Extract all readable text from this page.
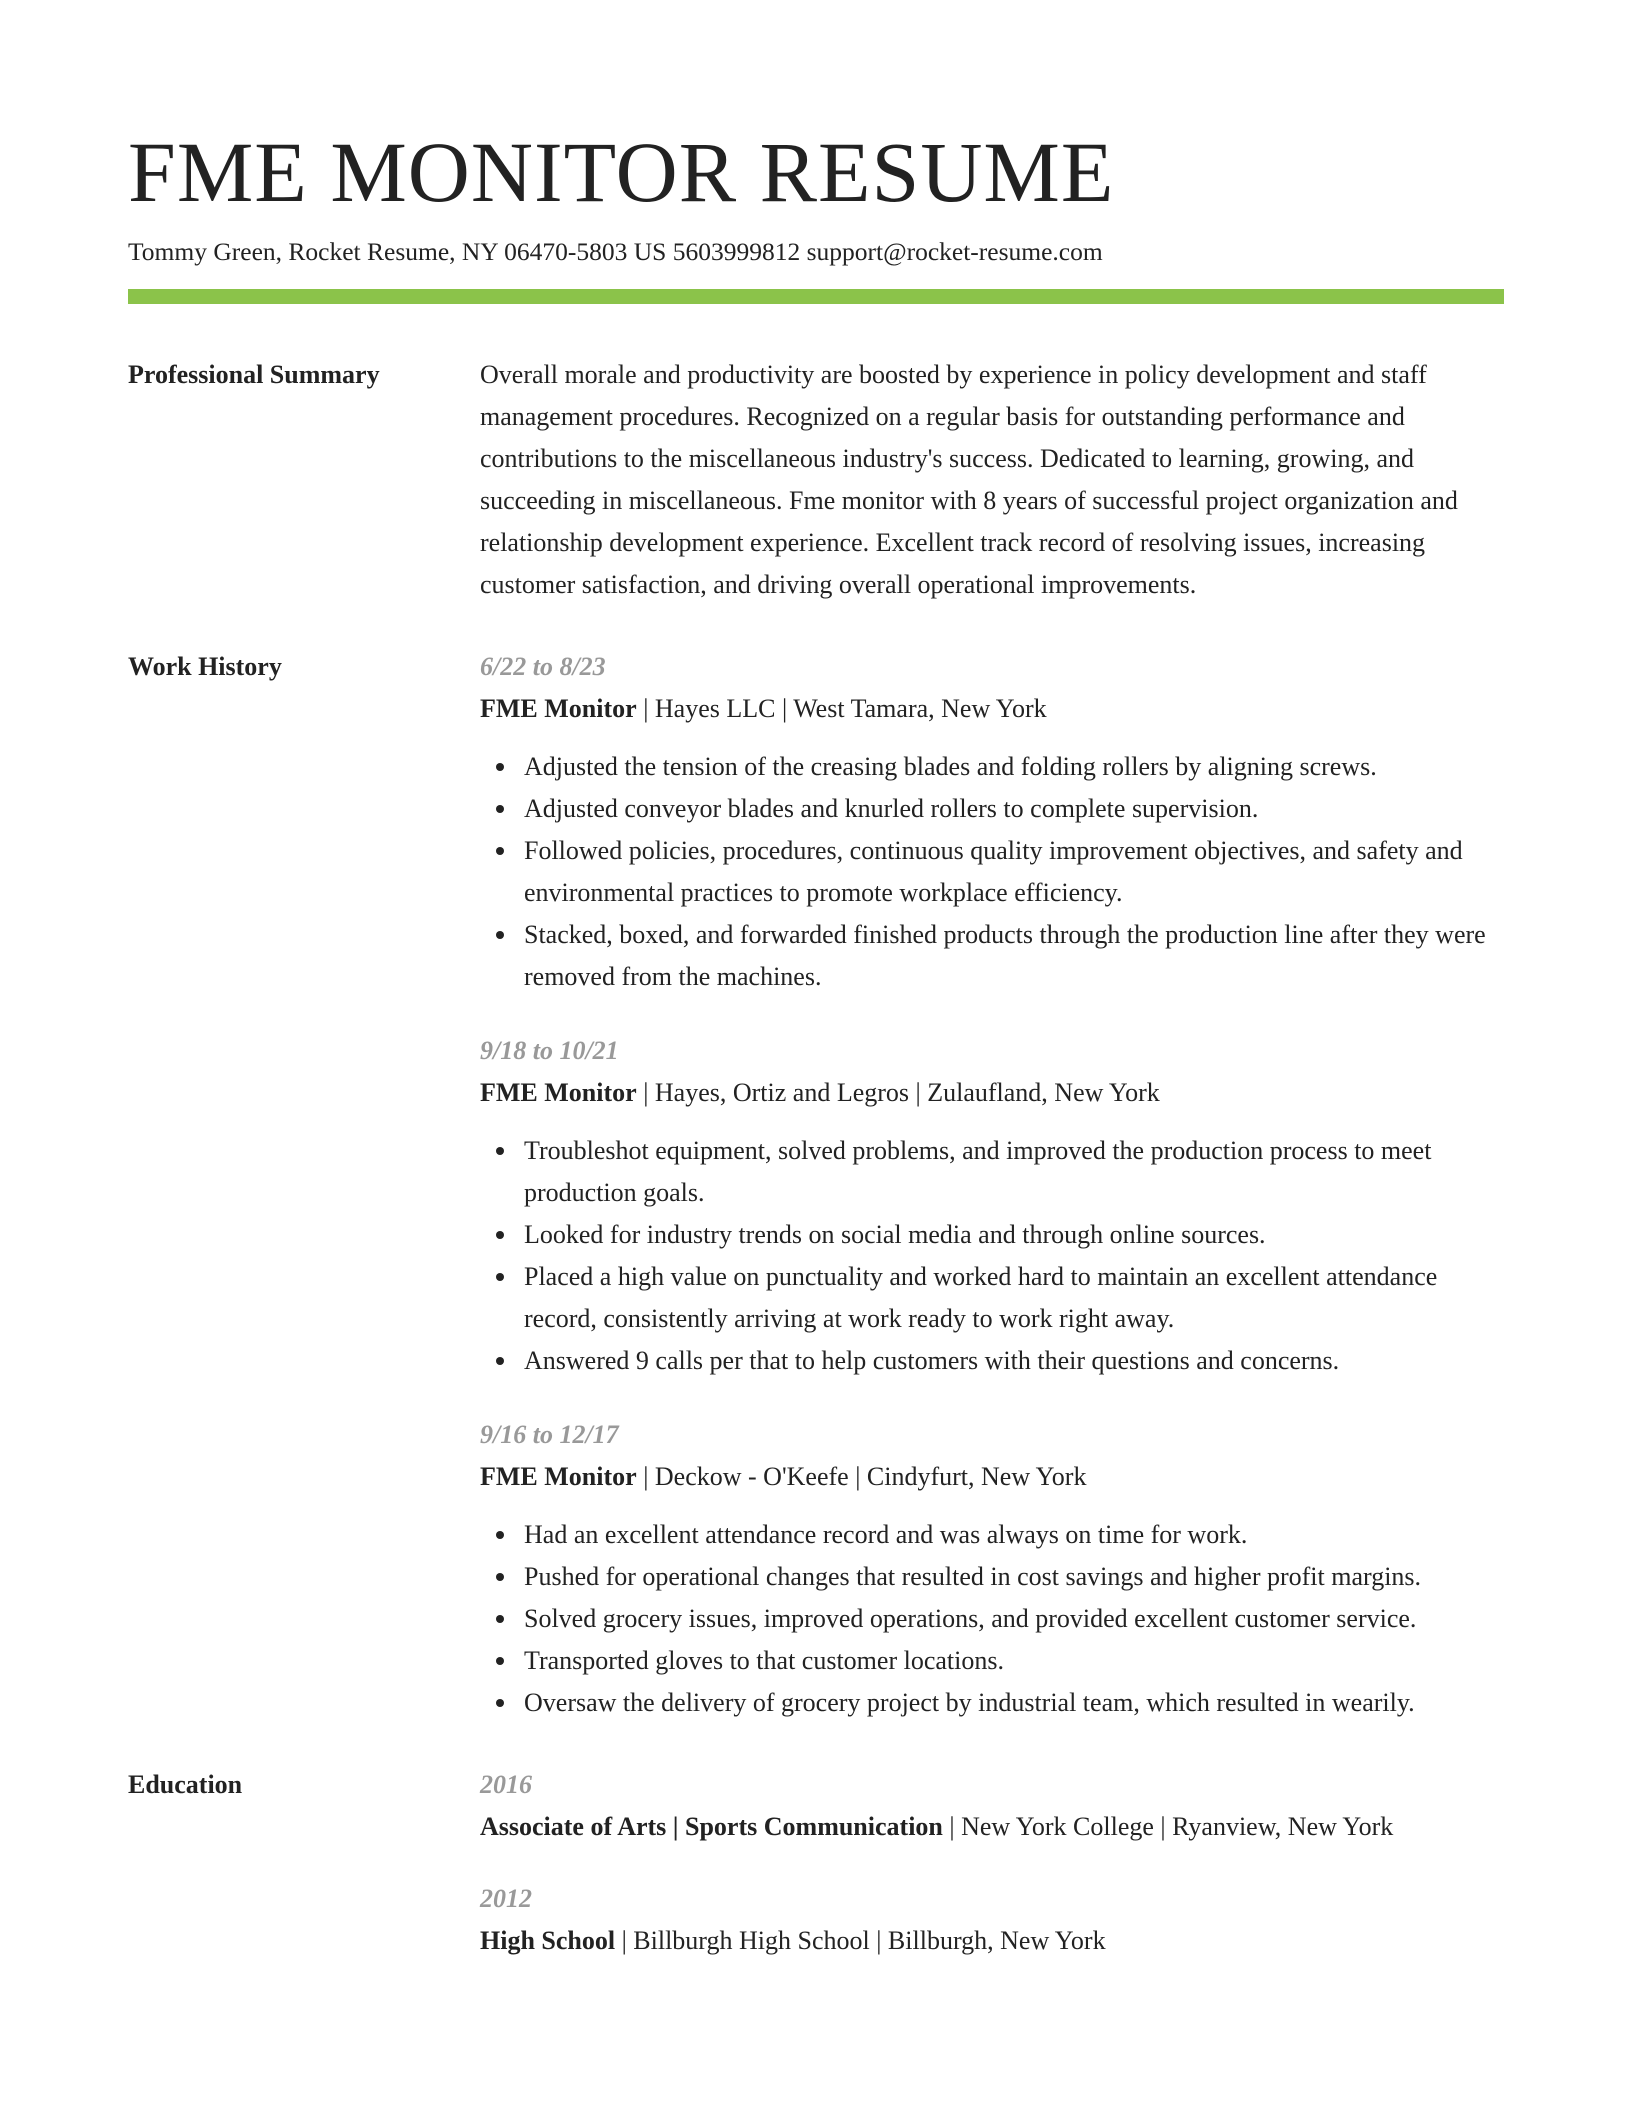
FME MONITOR RESUME
Tommy Green, Rocket Resume, NY 06470-5803 US 5603999812 support@rocket-resume.com
Professional Summary	Overall morale and productivity are boosted by experience in policy development and staff management procedures. Recognized on a regular basis for outstanding performance and contributions to the miscellaneous industry's success. Dedicated to learning, growing, and succeeding in miscellaneous. Fme monitor with 8 years of successful project organization and relationship development experience. Excellent track record of resolving issues, increasing customer satisfaction, and driving overall operational improvements.
Work History	6/22 to 8/23
FME Monitor | Hayes LLC | West Tamara, New York
Adjusted the tension of the creasing blades and folding rollers by aligning screws.
Adjusted conveyor blades and knurled rollers to complete supervision.
Followed policies, procedures, continuous quality improvement objectives, and safety and environmental practices to promote workplace efficiency.
Stacked, boxed, and forwarded finished products through the production line after they were removed from the machines.
9/18 to 10/21
FME Monitor | Hayes, Ortiz and Legros | Zulaufland, New York
Troubleshot equipment, solved problems, and improved the production process to meet production goals.
Looked for industry trends on social media and through online sources.
Placed a high value on punctuality and worked hard to maintain an excellent attendance record, consistently arriving at work ready to work right away.
Answered 9 calls per that to help customers with their questions and concerns.
9/16 to 12/17
FME Monitor | Deckow - O'Keefe | Cindyfurt, New York
Had an excellent attendance record and was always on time for work.
Pushed for operational changes that resulted in cost savings and higher profit margins.
Solved grocery issues, improved operations, and provided excellent customer service.
Transported gloves to that customer locations.
Oversaw the delivery of grocery project by industrial team, which resulted in wearily.
Education	2016
Associate of Arts | Sports Communication | New York College | Ryanview, New York
2012
High School | Billburgh High School | Billburgh, New York
